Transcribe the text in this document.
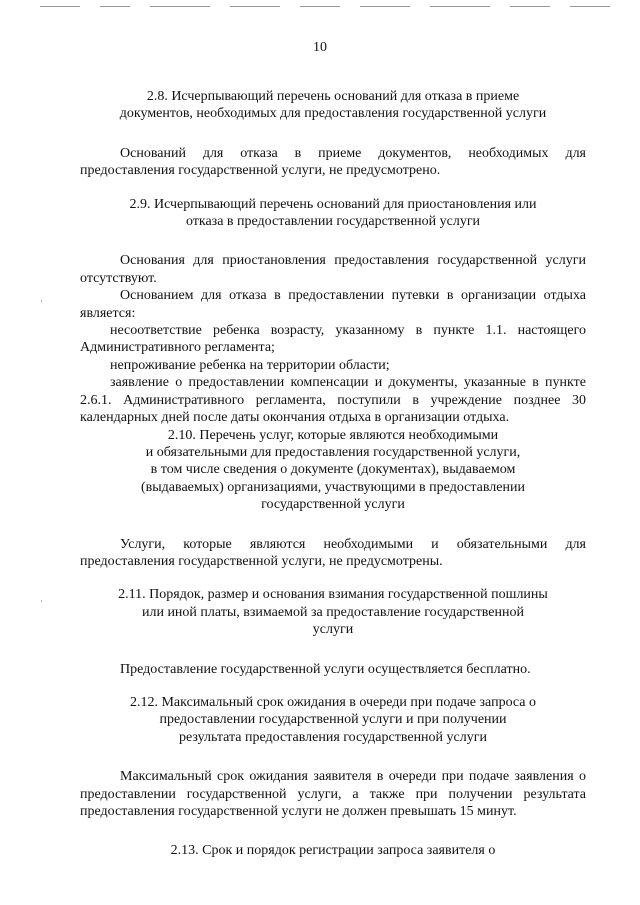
10

2.8. Исчерпывающий перечень оснований для отказа в приеме
документов, необходимых для предоставления государственной услуги

Оснований для отказа в приеме документов, необходимых для предоставления государственной услуги, не предусмотрено.

2.9. Исчерпывающий перечень оснований для приостановления или
отказа в предоставлении государственной услуги

Основания для приостановления предоставления государственной услуги отсутствуют.

Основанием для отказа в предоставлении путевки в организации отдыха является:

несоответствие ребенка возрасту, указанному в пункте 1.1. настоящего Административного регламента;

непроживание ребенка на территории области;

заявление о предоставлении компенсации и документы, указанные в пункте 2.6.1. Административного регламента, поступили в учреждение позднее 30 календарных дней после даты окончания отдыха в организации отдыха.

2.10. Перечень услуг, которые являются необходимыми
и обязательными для предоставления государственной услуги,
в том числе сведения о документе (документах), выдаваемом
(выдаваемых) организациями, участвующими в предоставлении
государственной услуги

Услуги, которые являются необходимыми и обязательными для предоставления государственной услуги, не предусмотрены.

2.11. Порядок, размер и основания взимания государственной пошлины
или иной платы, взимаемой за предоставление государственной
услуги

Предоставление государственной услуги осуществляется бесплатно.

2.12. Максимальный срок ожидания в очереди при подаче запроса о
предоставлении государственной услуги и при получении
результата предоставления государственной услуги

Максимальный срок ожидания заявителя в очереди при подаче заявления о предоставлении государственной услуги, а также при получении результата предоставления государственной услуги не должен превышать 15 минут.

2.13. Срок и порядок регистрации запроса заявителя о
